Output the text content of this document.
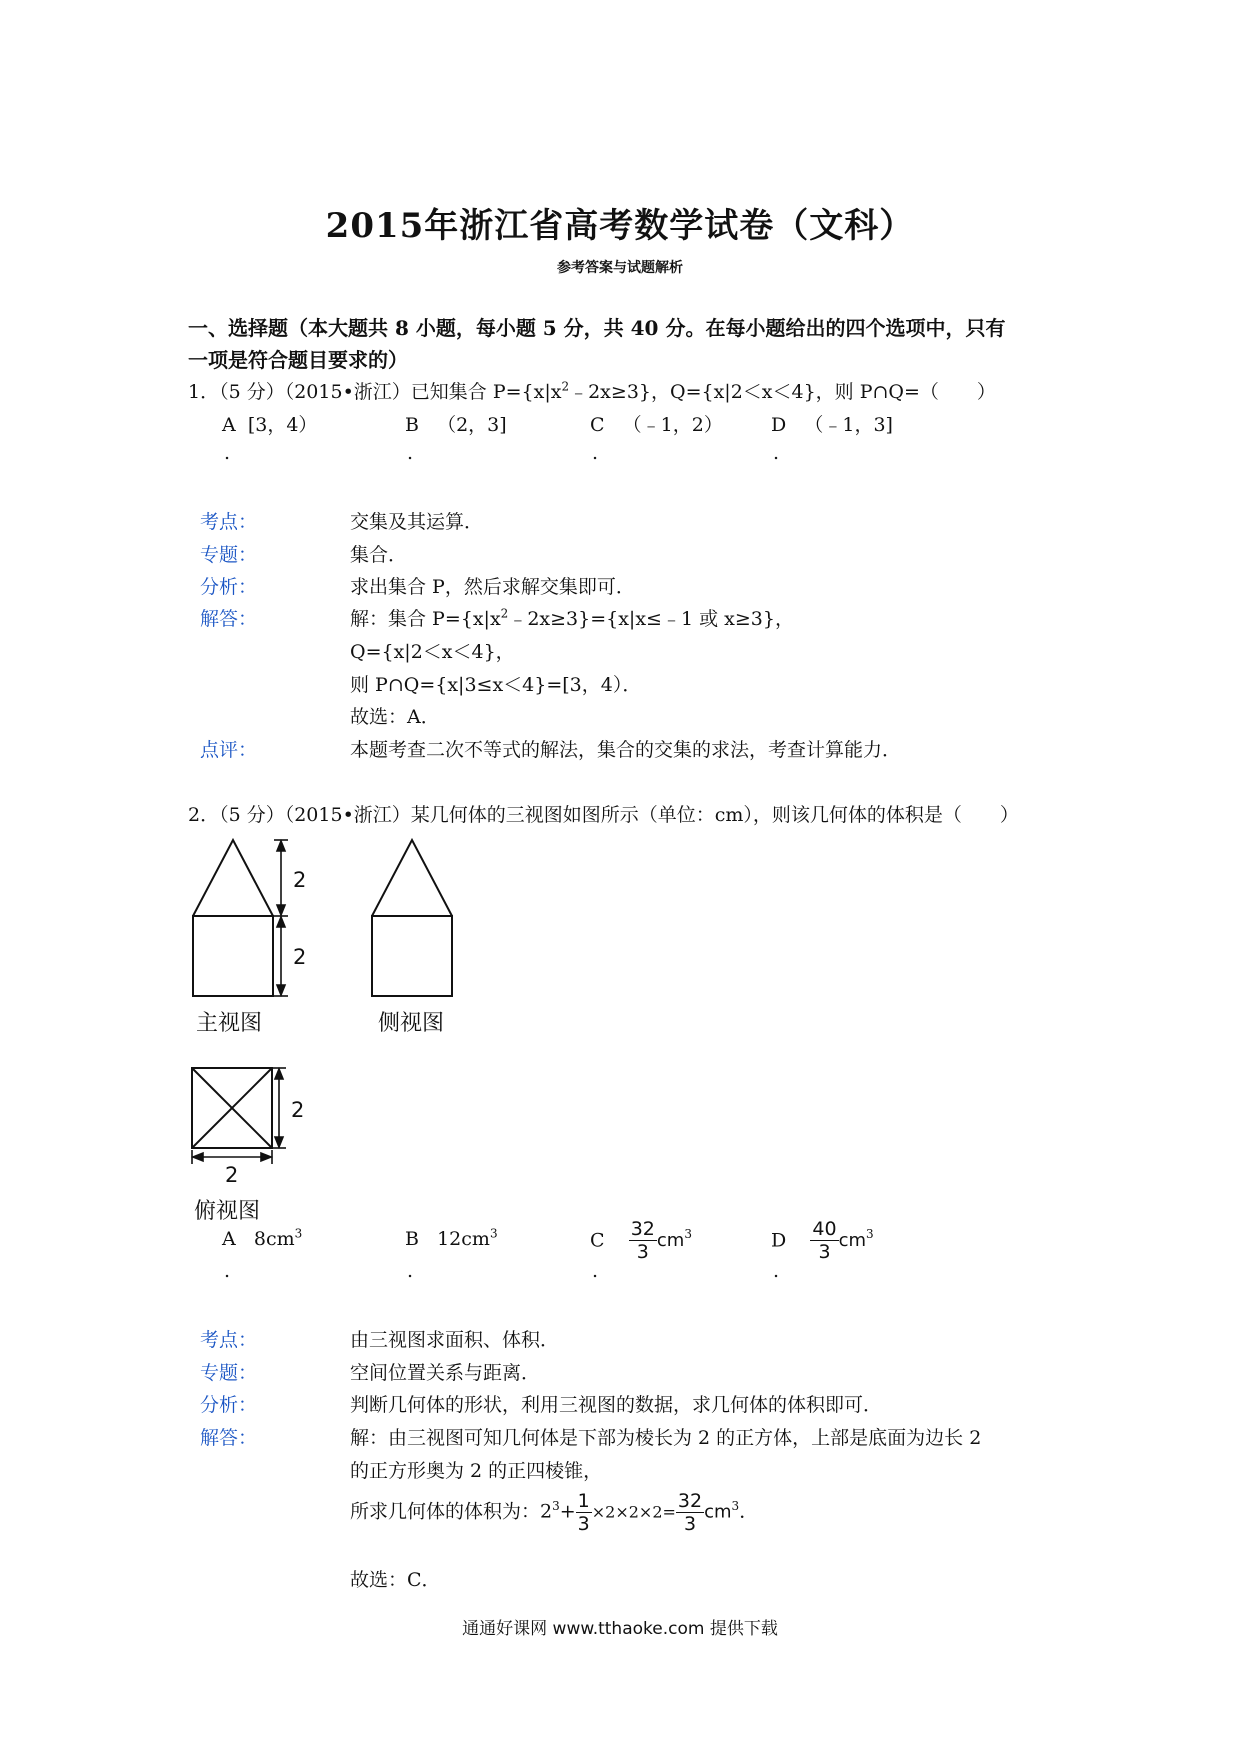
2015年浙江省高考数学试卷（文科）
参考答案与试题解析
一、选择题（本大题共 8 小题，每小题 5 分，共 40 分。在每小题给出的四个选项中，只有
一项是符合题目要求的）
1．（5 分）（2015•浙江）已知集合 $P=\{x|x^2﹣2x\ge 3\}$，Q={x|2＜x＜4}，则 P∩Q=（　　）
A [3，4）	B （2，3]	C （﹣1，2）	D （﹣1，3]
.	.	.	.
考点：	交集及其运算．
专题：	集合．
分析：	求出集合 P，然后求解交集即可．
解答：	解：集合 $P=\{x|x^2﹣2x\ge 3\}=\{x|x\le﹣1$ 或 x≥3}，
Q={x|2＜x＜4}，
则 P∩Q={x|3≤x＜4}=[3，4）．
故选：A．
点评：	本题考查二次不等式的解法，集合的交集的求法，考查计算能力．
2．（5 分）（2015•浙江）某几何体的三视图如图所示（单位：cm），则该几何体的体积是（　　）
2
2
2
2
主视图	侧视图
俯视图
A $8cm^3$	B $12cm^3$	C $\frac{32}{3} cm^3$	D $\frac{40}{3} cm^3$
.	.	.	.
考点：	由三视图求面积、体积．
专题：	空间位置关系与距离．
分析：	判断几何体的形状，利用三视图的数据，求几何体的体积即可．
解答：	解：由三视图可知几何体是下部为棱长为 2 的正方体，上部是底面为边长 2
的正方形奥为 2 的正四棱锥，
所求几何体的体积为：$2^3+ \frac{1}{3} \times 2\times 2\times 2= \frac{32}{3} cm^3$．
故选：C．
通通好课网 www.tthaoke.com 提供下载
